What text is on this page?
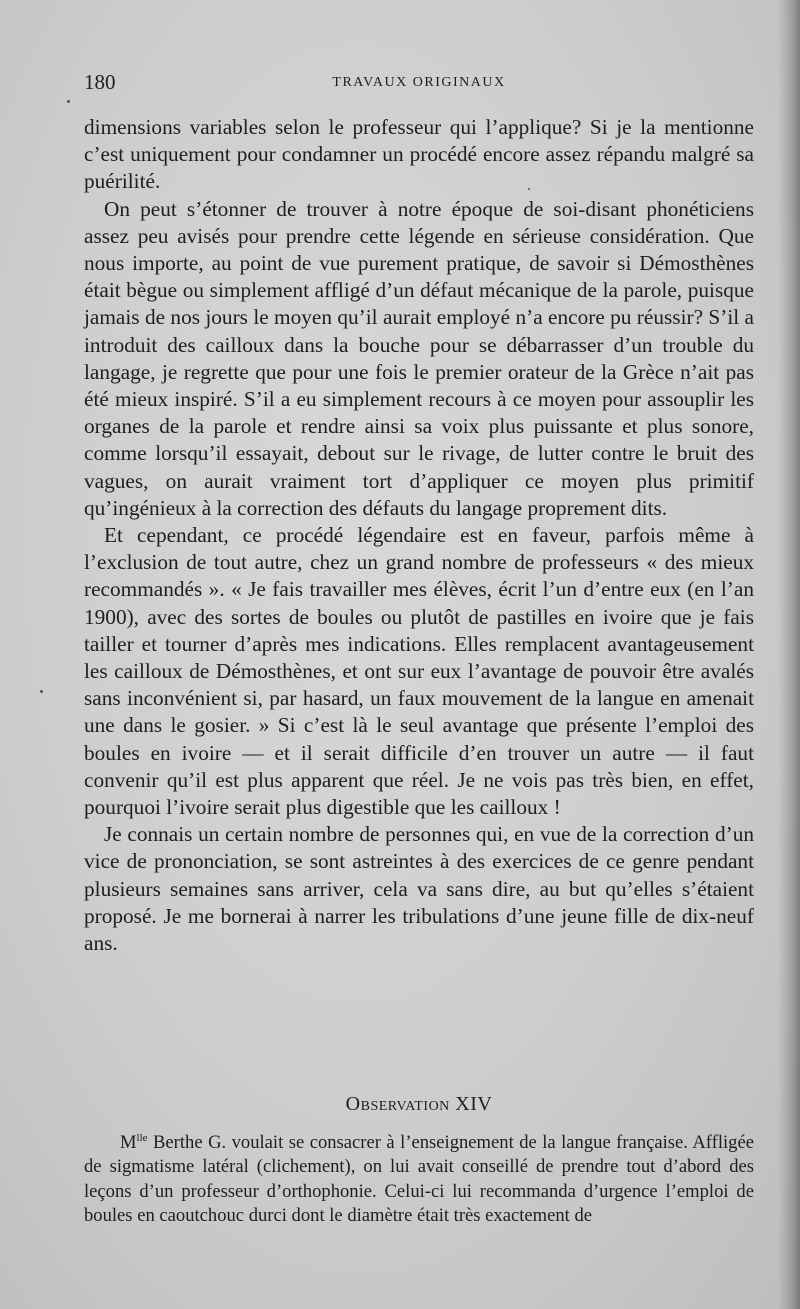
180	TRAVAUX ORIGINAUX

dimensions variables selon le professeur qui l’applique? Si je la mentionne c’est uniquement pour condamner un procédé encore assez répandu malgré sa puérilité.

On peut s’étonner de trouver à notre époque de soi-disant phonéticiens assez peu avisés pour prendre cette légende en sérieuse considération. Que nous importe, au point de vue purement pratique, de savoir si Démosthènes était bègue ou simplement affligé d’un défaut mécanique de la parole, puisque jamais de nos jours le moyen qu’il aurait employé n’a encore pu réussir? S’il a introduit des cailloux dans la bouche pour se débarrasser d’un trouble du langage, je regrette que pour une fois le premier orateur de la Grèce n’ait pas été mieux inspiré. S’il a eu simplement recours à ce moyen pour assouplir les organes de la parole et rendre ainsi sa voix plus puissante et plus sonore, comme lorsqu’il essayait, debout sur le rivage, de lutter contre le bruit des vagues, on aurait vraiment tort d’appliquer ce moyen plus primitif qu’ingénieux à la correction des défauts du langage proprement dits.

Et cependant, ce procédé légendaire est en faveur, parfois même à l’exclusion de tout autre, chez un grand nombre de professeurs « des mieux recommandés ». « Je fais travailler mes élèves, écrit l’un d’entre eux (en l’an 1900), avec des sortes de boules ou plutôt de pastilles en ivoire que je fais tailler et tourner d’après mes indications. Elles remplacent avantageusement les cailloux de Démosthènes, et ont sur eux l’avantage de pouvoir être avalés sans inconvénient si, par hasard, un faux mouvement de la langue en amenait une dans le gosier. » Si c’est là le seul avantage que présente l’emploi des boules en ivoire — et il serait difficile d’en trouver un autre — il faut convenir qu’il est plus apparent que réel. Je ne vois pas très bien, en effet, pourquoi l’ivoire serait plus digestible que les cailloux !

Je connais un certain nombre de personnes qui, en vue de la correction d’un vice de prononciation, se sont astreintes à des exercices de ce genre pendant plusieurs semaines sans arriver, cela va sans dire, au but qu’elles s’étaient proposé. Je me bornerai à narrer les tribulations d’une jeune fille de dix-neuf ans.

Observation XIV

$M^{lle}$ Berthe G. voulait se consacrer à l’enseignement de la langue française. Affligée de sigmatisme latéral (clichement), on lui avait conseillé de prendre tout d’abord des leçons d’un professeur d’orthophonie. Celui-ci lui recommanda d’urgence l’emploi de boules en caoutchouc durci dont le diamètre était très exactement de
